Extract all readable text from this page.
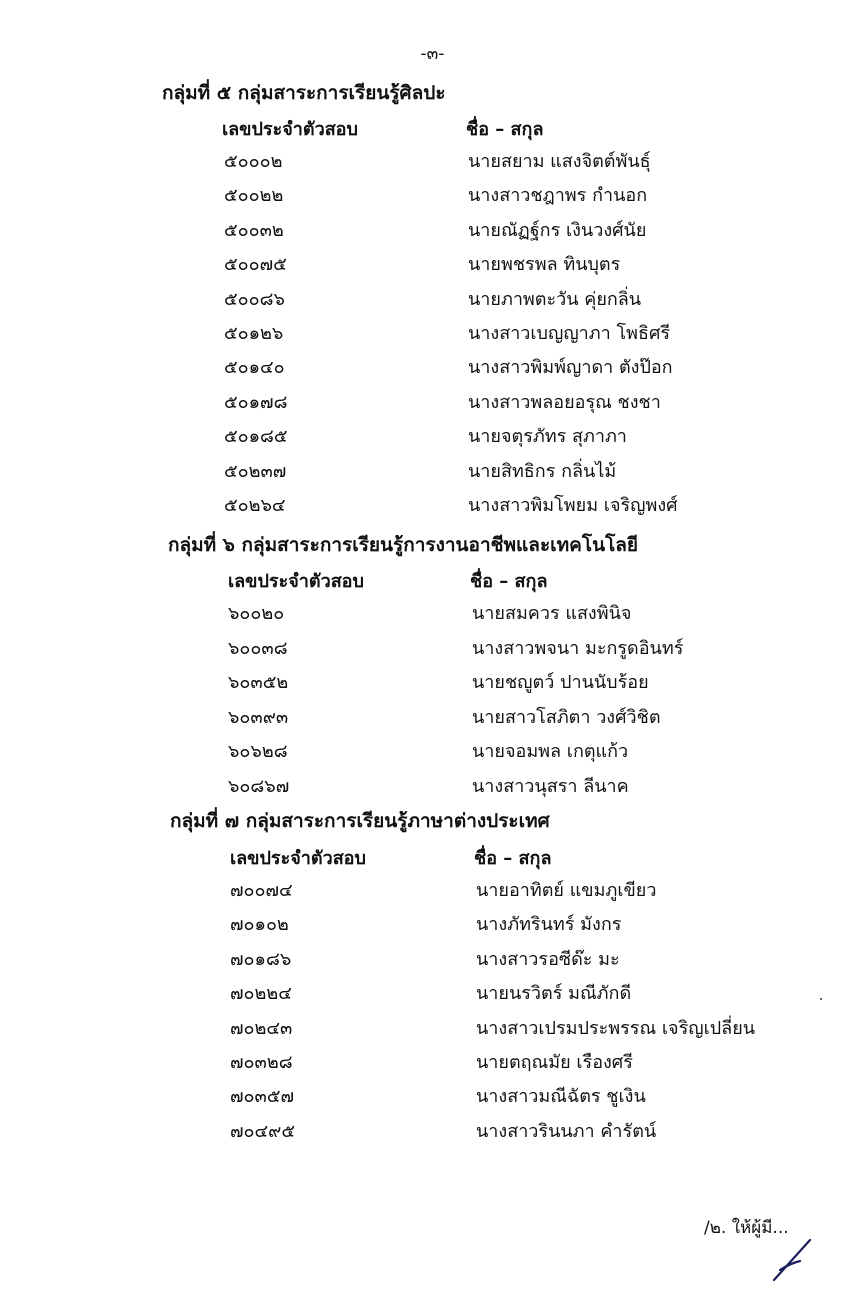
-๓-
กลุ่มที่ ๕ กลุ่มสาระการเรียนรู้ศิลปะ
เลขประจำตัวสอบ	ชื่อ – สกุล
๕๐๐๐๒	นายสยาม แสงจิตต์พันธุ์
๕๐๐๒๒	นางสาวชฎาพร กำนอก
๕๐๐๓๒	นายณัฏฐ์กร เงินวงศ์นัย
๕๐๐๗๕	นายพชรพล ทินบุตร
๕๐๐๘๖	นายภาพตะวัน คุ่ยกลิ่น
๕๐๑๒๖	นางสาวเบญญาภา โพธิศรี
๕๐๑๔๐	นางสาวพิมพ์ญาดา ตังป๊อก
๕๐๑๗๘	นางสาวพลอยอรุณ ชงชา
๕๐๑๘๕	นายจตุรภัทร สุภาภา
๕๐๒๓๗	นายสิทธิกร กลิ่นไม้
๕๐๒๖๔	นางสาวพิมโพยม เจริญพงศ์
กลุ่มที่ ๖ กลุ่มสาระการเรียนรู้การงานอาชีพและเทคโนโลยี
เลขประจำตัวสอบ	ชื่อ – สกุล
๖๐๐๒๐	นายสมควร แสงพินิจ
๖๐๐๓๘	นางสาวพจนา มะกรูดอินทร์
๖๐๓๕๒	นายชญูตว์ ปานนับร้อย
๖๐๓๙๓	นายสาวโสภิตา วงศ์วิชิต
๖๐๖๒๘	นายจอมพล เกตุแก้ว
๖๐๘๖๗	นางสาวนุสรา ลีนาค
กลุ่มที่ ๗ กลุ่มสาระการเรียนรู้ภาษาต่างประเทศ
เลขประจำตัวสอบ	ชื่อ – สกุล
๗๐๐๗๔	นายอาทิตย์ แขมภูเขียว
๗๐๑๐๒	นางภัทรินทร์ มังกร
๗๐๑๘๖	นางสาวรอซีด๊ะ มะ
๗๐๒๒๔	นายนรวิตร์ มณีภักดี
๗๐๒๔๓	นางสาวเปรมประพรรณ เจริญเปลี่ยน
๗๐๓๒๘	นายตฤณมัย เรืองศรี
๗๐๓๕๗	นางสาวมณีฉัตร ชูเงิน
๗๐๔๙๕	นางสาวรินนภา คำรัตน์
/๒. ให้ผู้มี...
